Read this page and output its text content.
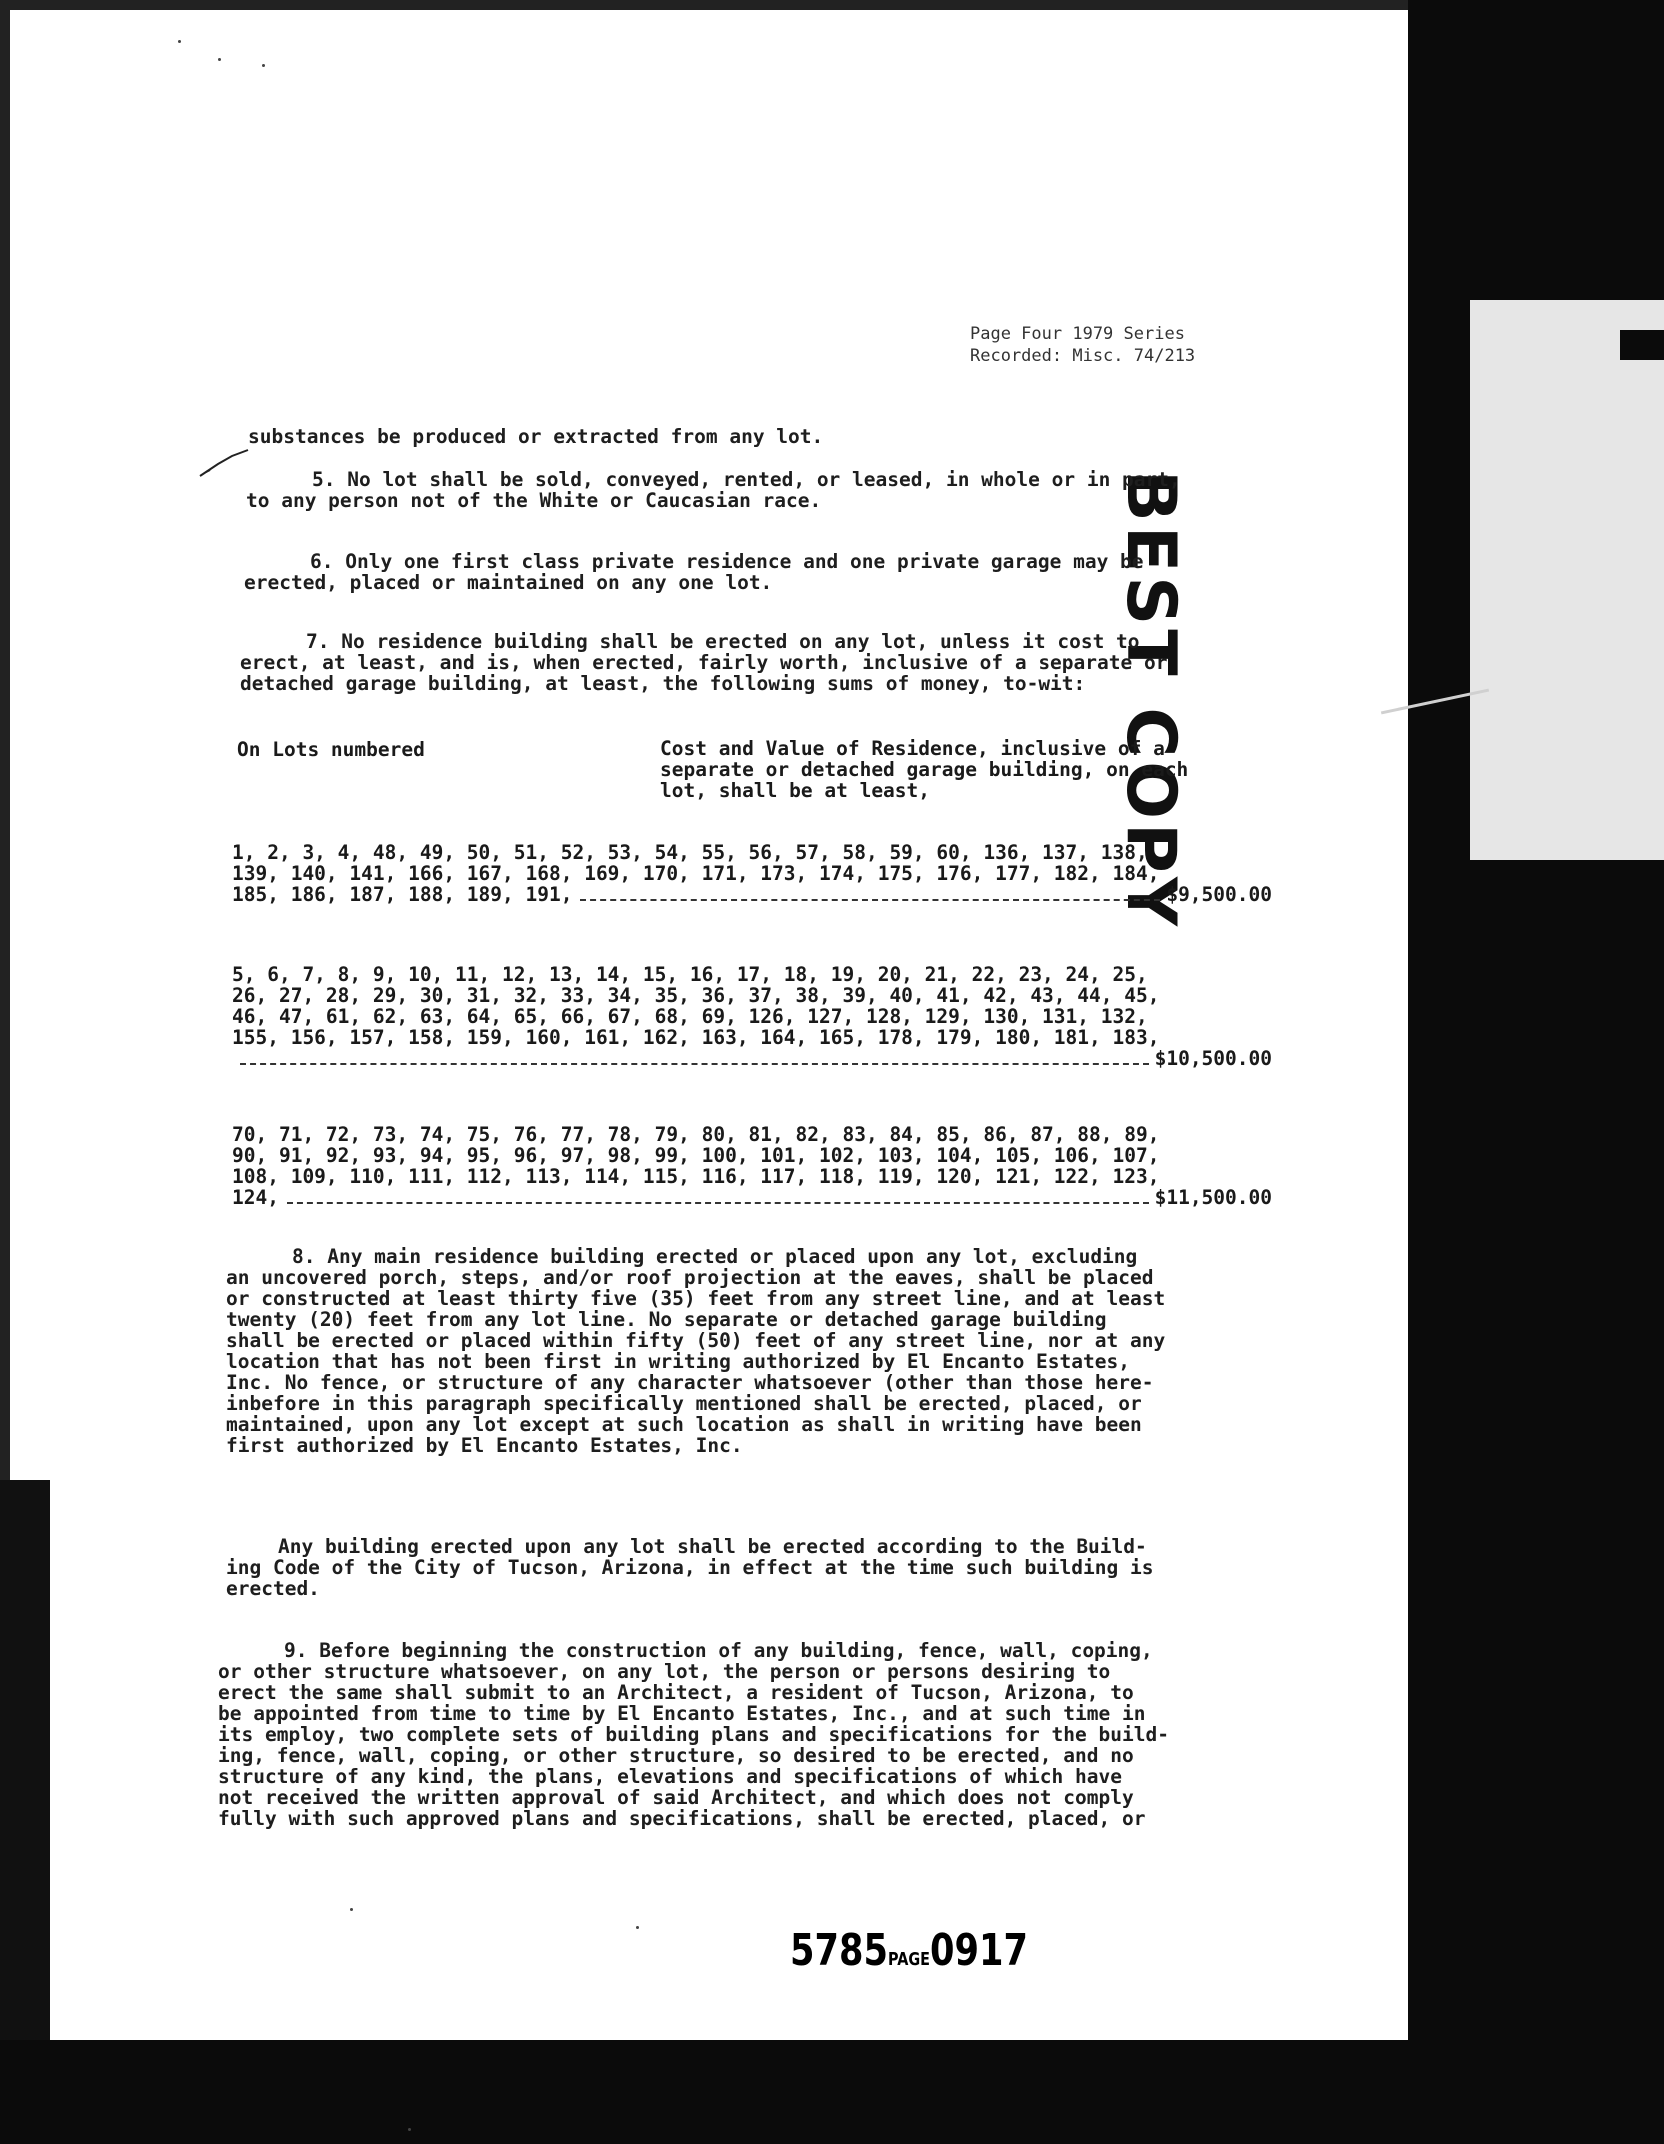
Page Four 1979 Series
Recorded: Misc. 74/213
BEST COPY
substances be produced or extracted from any lot.
5. No lot shall be sold, conveyed, rented, or leased, in whole or in part,
to any person not of the White or Caucasian race.
6. Only one first class private residence and one private garage may be
erected, placed or maintained on any one lot.
7. No residence building shall be erected on any lot, unless it cost to
erect, at least, and is, when erected, fairly worth, inclusive of a separate or
detached garage building, at least, the following sums of money, to-wit:
On Lots numbered	Cost and Value of Residence, inclusive of a
separate or detached garage building, on each
lot, shall be at least,
1, 2, 3, 4, 48, 49, 50, 51, 52, 53, 54, 55, 56, 57, 58, 59, 60, 136, 137, 138,
139, 140, 141, 166, 167, 168, 169, 170, 171, 173, 174, 175, 176, 177, 182, 184,
185, 186, 187, 188, 189, 191,	$9,500.00
5, 6, 7, 8, 9, 10, 11, 12, 13, 14, 15, 16, 17, 18, 19, 20, 21, 22, 23, 24, 25,
26, 27, 28, 29, 30, 31, 32, 33, 34, 35, 36, 37, 38, 39, 40, 41, 42, 43, 44, 45,
46, 47, 61, 62, 63, 64, 65, 66, 67, 68, 69, 126, 127, 128, 129, 130, 131, 132,
155, 156, 157, 158, 159, 160, 161, 162, 163, 164, 165, 178, 179, 180, 181, 183,
$10,500.00
70, 71, 72, 73, 74, 75, 76, 77, 78, 79, 80, 81, 82, 83, 84, 85, 86, 87, 88, 89,
90, 91, 92, 93, 94, 95, 96, 97, 98, 99, 100, 101, 102, 103, 104, 105, 106, 107,
108, 109, 110, 111, 112, 113, 114, 115, 116, 117, 118, 119, 120, 121, 122, 123,
124,	$11,500.00
8. Any main residence building erected or placed upon any lot, excluding
an uncovered porch, steps, and/or roof projection at the eaves, shall be placed
or constructed at least thirty five (35) feet from any street line, and at least
twenty (20) feet from any lot line. No separate or detached garage building
shall be erected or placed within fifty (50) feet of any street line, nor at any
location that has not been first in writing authorized by El Encanto Estates,
Inc. No fence, or structure of any character whatsoever (other than those here-
inbefore in this paragraph specifically mentioned shall be erected, placed, or
maintained, upon any lot except at such location as shall in writing have been
first authorized by El Encanto Estates, Inc.
Any building erected upon any lot shall be erected according to the Build-
ing Code of the City of Tucson, Arizona, in effect at the time such building is
erected.
9. Before beginning the construction of any building, fence, wall, coping,
or other structure whatsoever, on any lot, the person or persons desiring to
erect the same shall submit to an Architect, a resident of Tucson, Arizona, to
be appointed from time to time by El Encanto Estates, Inc., and at such time in
its employ, two complete sets of building plans and specifications for the build-
ing, fence, wall, coping, or other structure, so desired to be erected, and no
structure of any kind, the plans, elevations and specifications of which have
not received the written approval of said Architect, and which does not comply
fully with such approved plans and specifications, shall be erected, placed, or
5785PAGE0917
